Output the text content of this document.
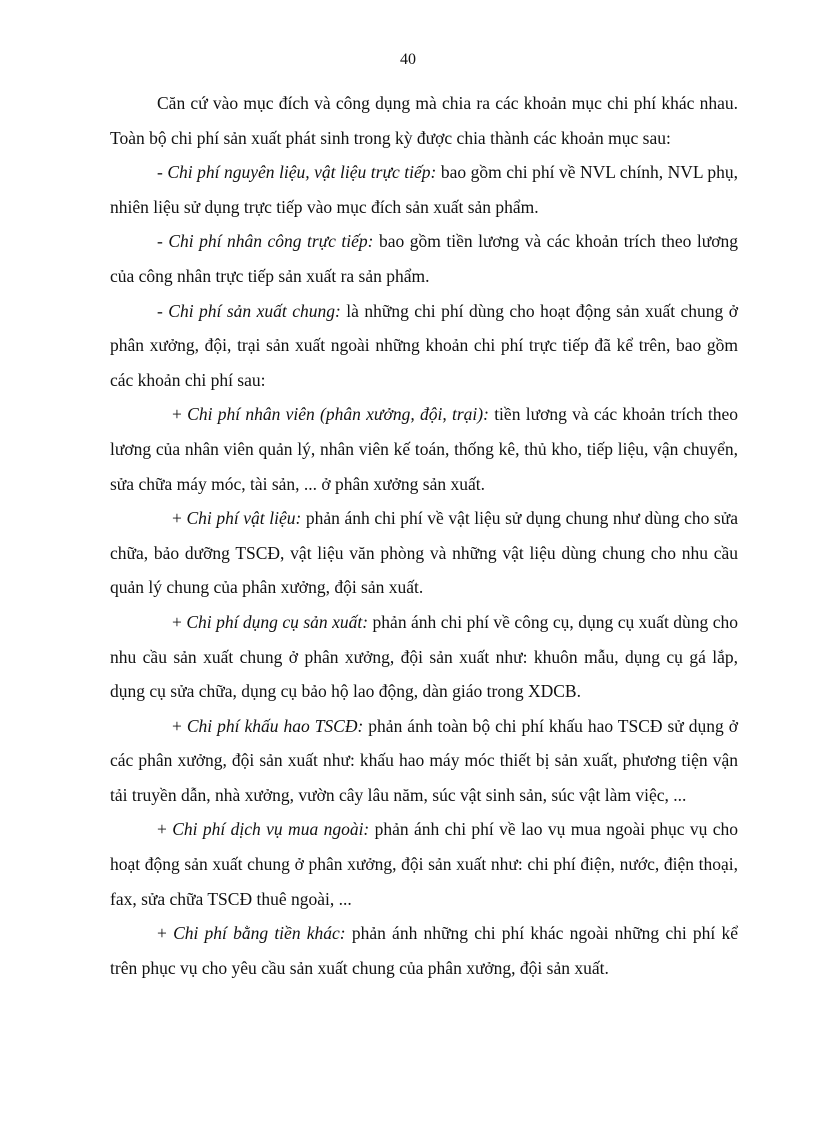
40

Căn cứ vào mục đích và công dụng mà chia ra các khoản mục chi phí khác nhau. Toàn bộ chi phí sản xuất phát sinh trong kỳ được chia thành các khoản mục sau:

- Chi phí nguyên liệu, vật liệu trực tiếp: bao gồm chi phí về NVL chính, NVL phụ, nhiên liệu sử dụng trực tiếp vào mục đích sản xuất sản phẩm.

- Chi phí nhân công trực tiếp: bao gồm tiền lương và các khoản trích theo lương của công nhân trực tiếp sản xuất ra sản phẩm.

- Chi phí sản xuất chung: là những chi phí dùng cho hoạt động sản xuất chung ở phân xưởng, đội, trại sản xuất ngoài những khoản chi phí trực tiếp đã kể trên, bao gồm các khoản chi phí sau:

+ Chi phí nhân viên (phân xưởng, đội, trại): tiền lương và các khoản trích theo lương của nhân viên quản lý, nhân viên kế toán, thống kê, thủ kho, tiếp liệu, vận chuyển, sửa chữa máy móc, tài sản, ... ở phân xưởng sản xuất.

+ Chi phí vật liệu: phản ánh chi phí về vật liệu sử dụng chung như dùng cho sửa chữa, bảo dưỡng TSCĐ, vật liệu văn phòng và những vật liệu dùng chung cho nhu cầu quản lý chung của phân xưởng, đội sản xuất.

+ Chi phí dụng cụ sản xuất: phản ánh chi phí về công cụ, dụng cụ xuất dùng cho nhu cầu sản xuất chung ở phân xưởng, đội sản xuất như: khuôn mẫu, dụng cụ gá lắp, dụng cụ sửa chữa, dụng cụ bảo hộ lao động, dàn giáo trong XDCB.

+ Chi phí khấu hao TSCĐ: phản ánh toàn bộ chi phí khấu hao TSCĐ sử dụng ở các phân xưởng, đội sản xuất như: khấu hao máy móc thiết bị sản xuất, phương tiện vận tải truyền dẫn, nhà xưởng, vườn cây lâu năm, súc vật sinh sản, súc vật làm việc, ...

+ Chi phí dịch vụ mua ngoài: phản ánh chi phí về lao vụ mua ngoài phục vụ cho hoạt động sản xuất chung ở phân xưởng, đội sản xuất như: chi phí điện, nước, điện thoại, fax, sửa chữa TSCĐ thuê ngoài, ...

+ Chi phí bằng tiền khác: phản ánh những chi phí khác ngoài những chi phí kể trên phục vụ cho yêu cầu sản xuất chung của phân xưởng, đội sản xuất.
